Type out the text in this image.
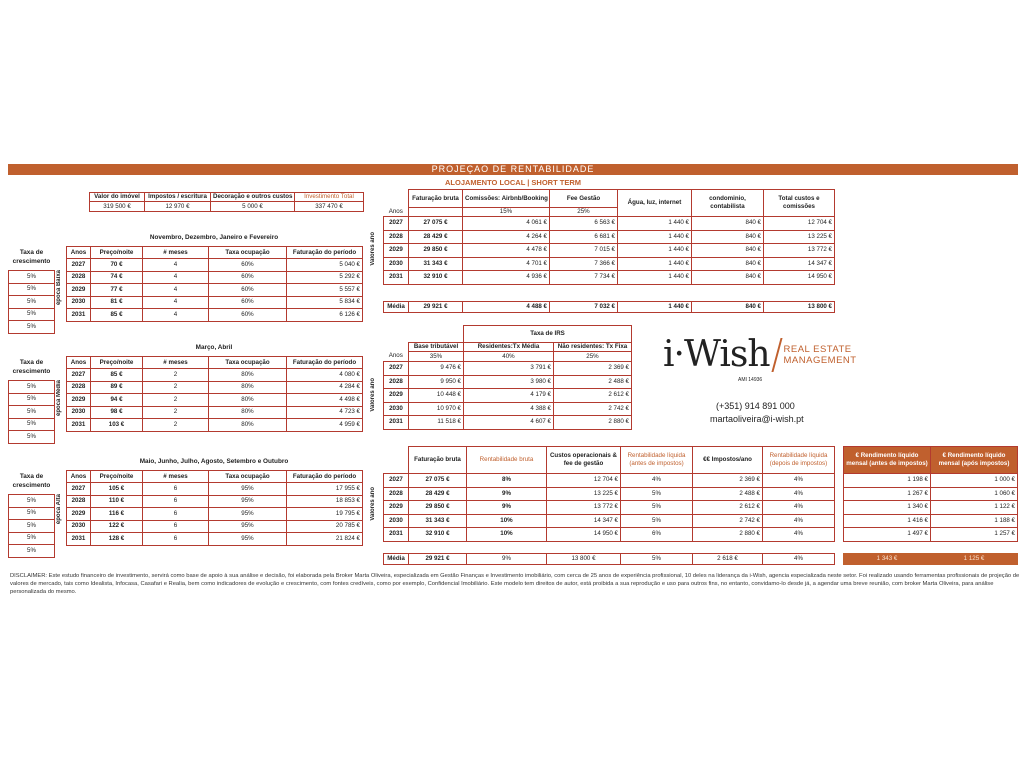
PROJEÇAO DE RENTABILIDADE
ALOJAMENTO LOCAL | SHORT TERM
Valor do imóvel	Impostos / escritura	Decoração e outros custos	Investimento Total
319 500 €	12 970 €	5 000 €	337 470 €
Novembro, Dezembro, Janeiro e Fevereiro
Taxa de
crescimento
5%
5%
5%
5%
5%
época Baixa
Anos	Preço/noite	# meses	Taxa ocupação	Faturação do período
2027	70 €	4	60%	5 040 €
2028	74 €	4	60%	5 292 €
2029	77 €	4	60%	5 557 €
2030	81 €	4	60%	5 834 €
2031	85 €	4	60%	6 126 €
Março, Abril
Taxa de
crescimento
5%
5%
5%
5%
5%
época Média
Anos	Preço/noite	# meses	Taxa ocupação	Faturação do período
2027	85 €	2	80%	4 080 €
2028	89 €	2	80%	4 284 €
2029	94 €	2	80%	4 498 €
2030	98 €	2	80%	4 723 €
2031	103 €	2	80%	4 959 €
Maio, Junho, Julho, Agosto, Setembro e Outubro
Taxa de
crescimento
5%
5%
5%
5%
5%
época Alta
Anos	Preço/noite	# meses	Taxa ocupação	Faturação do período
2027	105 €	6	95%	17 955 €
2028	110 €	6	95%	18 853 €
2029	116 €	6	95%	19 795 €
2030	122 €	6	95%	20 785 €
2031	128 €	6	95%	21 824 €
Valores ano
	Faturação bruta	Comissões: Airbnb/Booking	Fee Gestão	Água, luz, internet	condominio, contabilista	Total custos e comissões
Anos		15%	25%			
2027	27 075 €	4 061 €	6 563 €	1 440 €	840 €	12 704 €
2028	28 429 €	4 264 €	6 681 €	1 440 €	840 €	13 225 €
2029	29 850 €	4 478 €	7 015 €	1 440 €	840 €	13 772 €
2030	31 343 €	4 701 €	7 366 €	1 440 €	840 €	14 347 €
2031	32 910 €	4 936 €	7 734 €	1 440 €	840 €	14 950 €
Média	29 921 €	4 488 €	7 032 €	1 440 €	840 €	13 800 €
Valores ano
		Taxa de IRS	
	Base tributável	Residentes:Tx Média	Não residentes: Tx Fixa
Anos	35%	40%	25%
2027	9 476 €	3 791 €	2 369 €
2028	9 950 €	3 980 €	2 488 €
2029	10 448 €	4 179 €	2 612 €
2030	10 970 €	4 388 €	2 742 €
2031	11 518 €	4 607 €	2 880 €
i·Wish REAL ESTATE
MANAGEMENT
AMI 14936
(+351) 914 891 000
martaoliveira@i-wish.pt
Valores ano
	Faturação bruta	Rentabilidade bruta	Custos operacionais & fee de gestão	Rentabilidade líquida (antes de impostos)	€€ Impostos/ano	Rentabilidade líquida (depois de impostos)
2027	27 075 €	8%	12 704 €	4%	2 369 €	4%
2028	28 429 €	9%	13 225 €	5%	2 488 €	4%
2029	29 850 €	9%	13 772 €	5%	2 612 €	4%
2030	31 343 €	10%	14 347 €	5%	2 742 €	4%
2031	32 910 €	10%	14 950 €	6%	2 880 €	4%
Média	29 921 €	9%	13 800 €	5%	2 618 €	4%
€ Rendimento líquido mensal (antes de impostos)	€ Rendimento líquido mensal (após impostos)
1 198 €	1 000 €
1 267 €	1 060 €
1 340 €	1 122 €
1 416 €	1 188 €
1 497 €	1 257 €
1 343 €	1 125 €
DISCLAIMER: Este estudo financeiro de investimento, servirá como base de apoio à sua análise e decisão, foi elaborada pela Broker Marta Oliveira, especializada em Gestão Finanças e Investimento imobiliário, com cerca de 25 anos de experiência profissional, 10 deles na liderança da i-Wish, agencia especializada neste setor. Foi realizado usando ferramentas profissionais de projeção de valores de mercado, tais como Idealista, Infocasa, Casafari e Realia, bem como indicadores de evolução e crescimento, com fontes credíveis, como por exemplo, Confidencial Imobiliário. Este modelo tem direitos de autor, está proibida a sua reprodução e uso para outros fins, no entanto, convidamo-lo desde já, a agendar uma breve reunião, com broker Marta Oliveira, para análise personalizada do mesmo.
